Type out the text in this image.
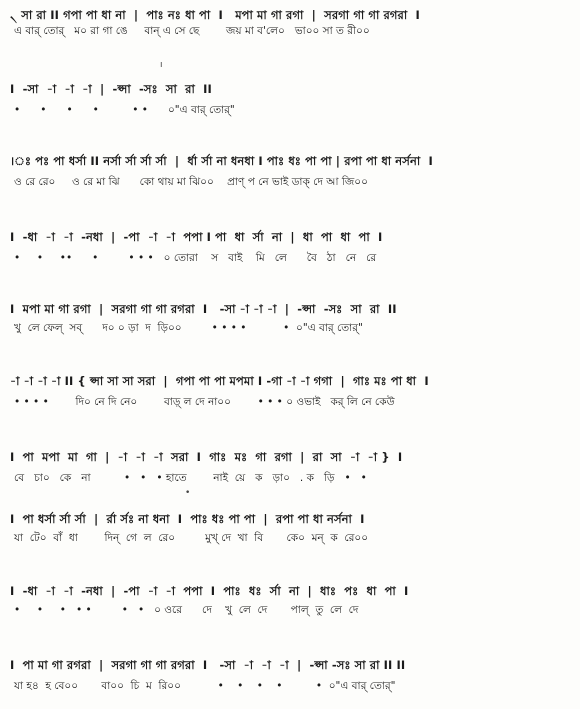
৲ সা রা II গপা পা ধা না  |  পাঃ নঃ ধা পা  I   মপা মা গা রগা  |  সরগা গা গা রগরা  I
এ বার্ তোর্   ম০ রা গা ঙে     বান্ এ সে ছে        জয় মা ব'লে০   ভা০০ সা ত রী০০
ı
I  -সা  -া  -া  -া  |  -প্সা  -সঃ  সা  রা  II
•      •      •      •          • •      ০"এ বার্ তোর্"
।ঃ পঃ পা ধর্সা II নর্সা র্সা র্সা র্সা  |  র্ধা র্সা না ধনধা I পাঃ ধঃ পা পা | রপা পা ধা নর্সনা  I
ও রে রে০     ও রে মা ঝি      কো থায় মা ঝি০০    প্রাণ্ প নে ভাই ডাক্ দে আ জি০০
I  -ধা  -া  -া  -নধা  |  -পা  -া  -া  পপা I পা  ধা  র্সা  না  |  ধা  পা  ধা  পা  I
•     •     ••      •         • • •   ০ তোরা    স   বাই    মি   লে      বৈ   ঠা   নে   রে
I  মপা মা গা রগা  |  সরগা গা গা রগরা  I   -সা -া -া -া  |  -প্সা  -সঃ  সা  রা  II
খু  লে ফেল্  সব্      দ০ ০ ড়া  দ  ড়ি০০         • • • •           •  ০"এ বার্ তোর্"
-া -া -া -া II { প্সা সা সা সরা  |  গপা পা পা মপমা I -গা -া -া গগা  |  গাঃ মঃ পা ধা  I
• • • •        দি০ নে দি নে০        বাড়্ ল দে না০০        • • • ০ ওভাই   কর্ লি নে কেউ
I  পা  মপা  মা  গা  |  -া  -া  -া  সরা  I  গাঃ  মঃ  গা  রগা  |  রা  সা  -া  -া }  I
বে   চা০   কে   না          •   •   • হাতে        নাই  য়ে   ক   ড়া০   . ক   ড়ি   •   •
•
I  পা ধর্সা র্সা র্সা  |  র্রা র্সঃ না ধনা  I  পাঃ ধঃ পা পা  |  রপা পা ধা নর্সনা  I
যা  টে০  বাঁ  ধা        দিন্  গে  ল  রে০         মুখ্ দে  খা  বি       কে০  মন্  ক  রে০০
I  -ধা  -া  -া  -নধা  |  -পা  -া  -া  পপা  I  পাঃ  ধঃ  র্সা  না  |  ধাঃ  পঃ  ধা  পা  I
•     •     •   • •         •   •   ০ ওরে      দে    খু  লে  দে       পাল্  তু  লে  দে
I  পা মা গা রগরা  |  সরগা গা গা রগরা  I   -সা  -া  -া  -া  |  -প্সা -সঃ সা রা II II
যা হ৪  হ বে০০       বা০০  চি  ম  রি০০           •    •    •    •          •  ০"এ বার্ তোর্"
